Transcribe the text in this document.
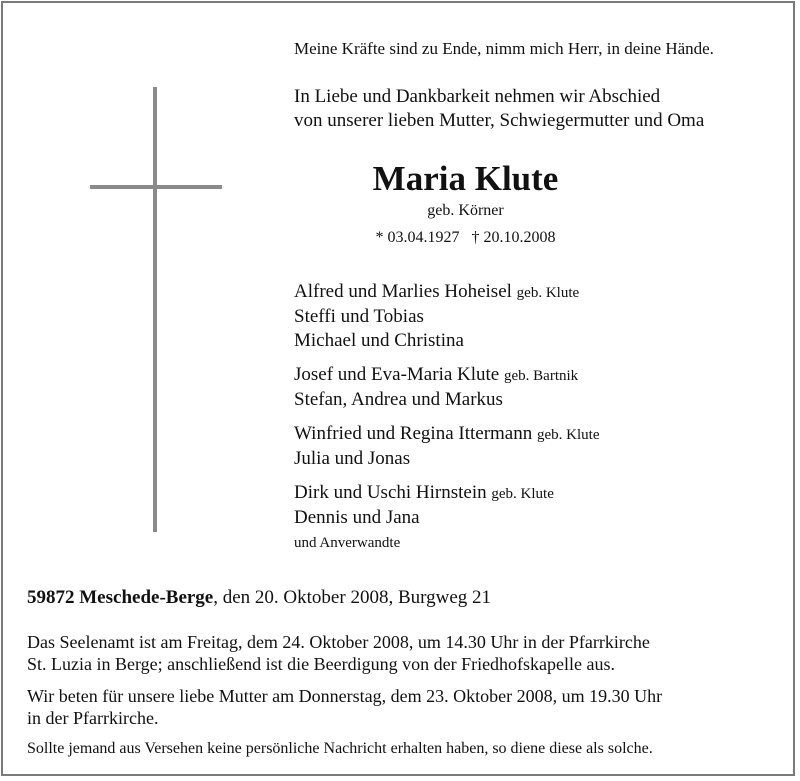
Meine Kräfte sind zu Ende, nimm mich Herr, in deine Hände.
In Liebe und Dankbarkeit nehmen wir Abschied
von unserer lieben Mutter, Schwiegermutter und Oma
Maria Klute
geb. Körner
* 03.04.1927 † 20.10.2008
Alfred und Marlies Hoheisel geb. Klute
Steffi und Tobias
Michael und Christina
Josef und Eva-Maria Klute geb. Bartnik
Stefan, Andrea und Markus
Winfried und Regina Ittermann geb. Klute
Julia und Jonas
Dirk und Uschi Hirnstein geb. Klute
Dennis und Jana
und Anverwandte
59872 Meschede-Berge, den 20. Oktober 2008, Burgweg 21
Das Seelenamt ist am Freitag, dem 24. Oktober 2008, um 14.30 Uhr in der Pfarrkirche
St. Luzia in Berge; anschließend ist die Beerdigung von der Friedhofskapelle aus.
Wir beten für unsere liebe Mutter am Donnerstag, dem 23. Oktober 2008, um 19.30 Uhr
in der Pfarrkirche.
Sollte jemand aus Versehen keine persönliche Nachricht erhalten haben, so diene diese als solche.
